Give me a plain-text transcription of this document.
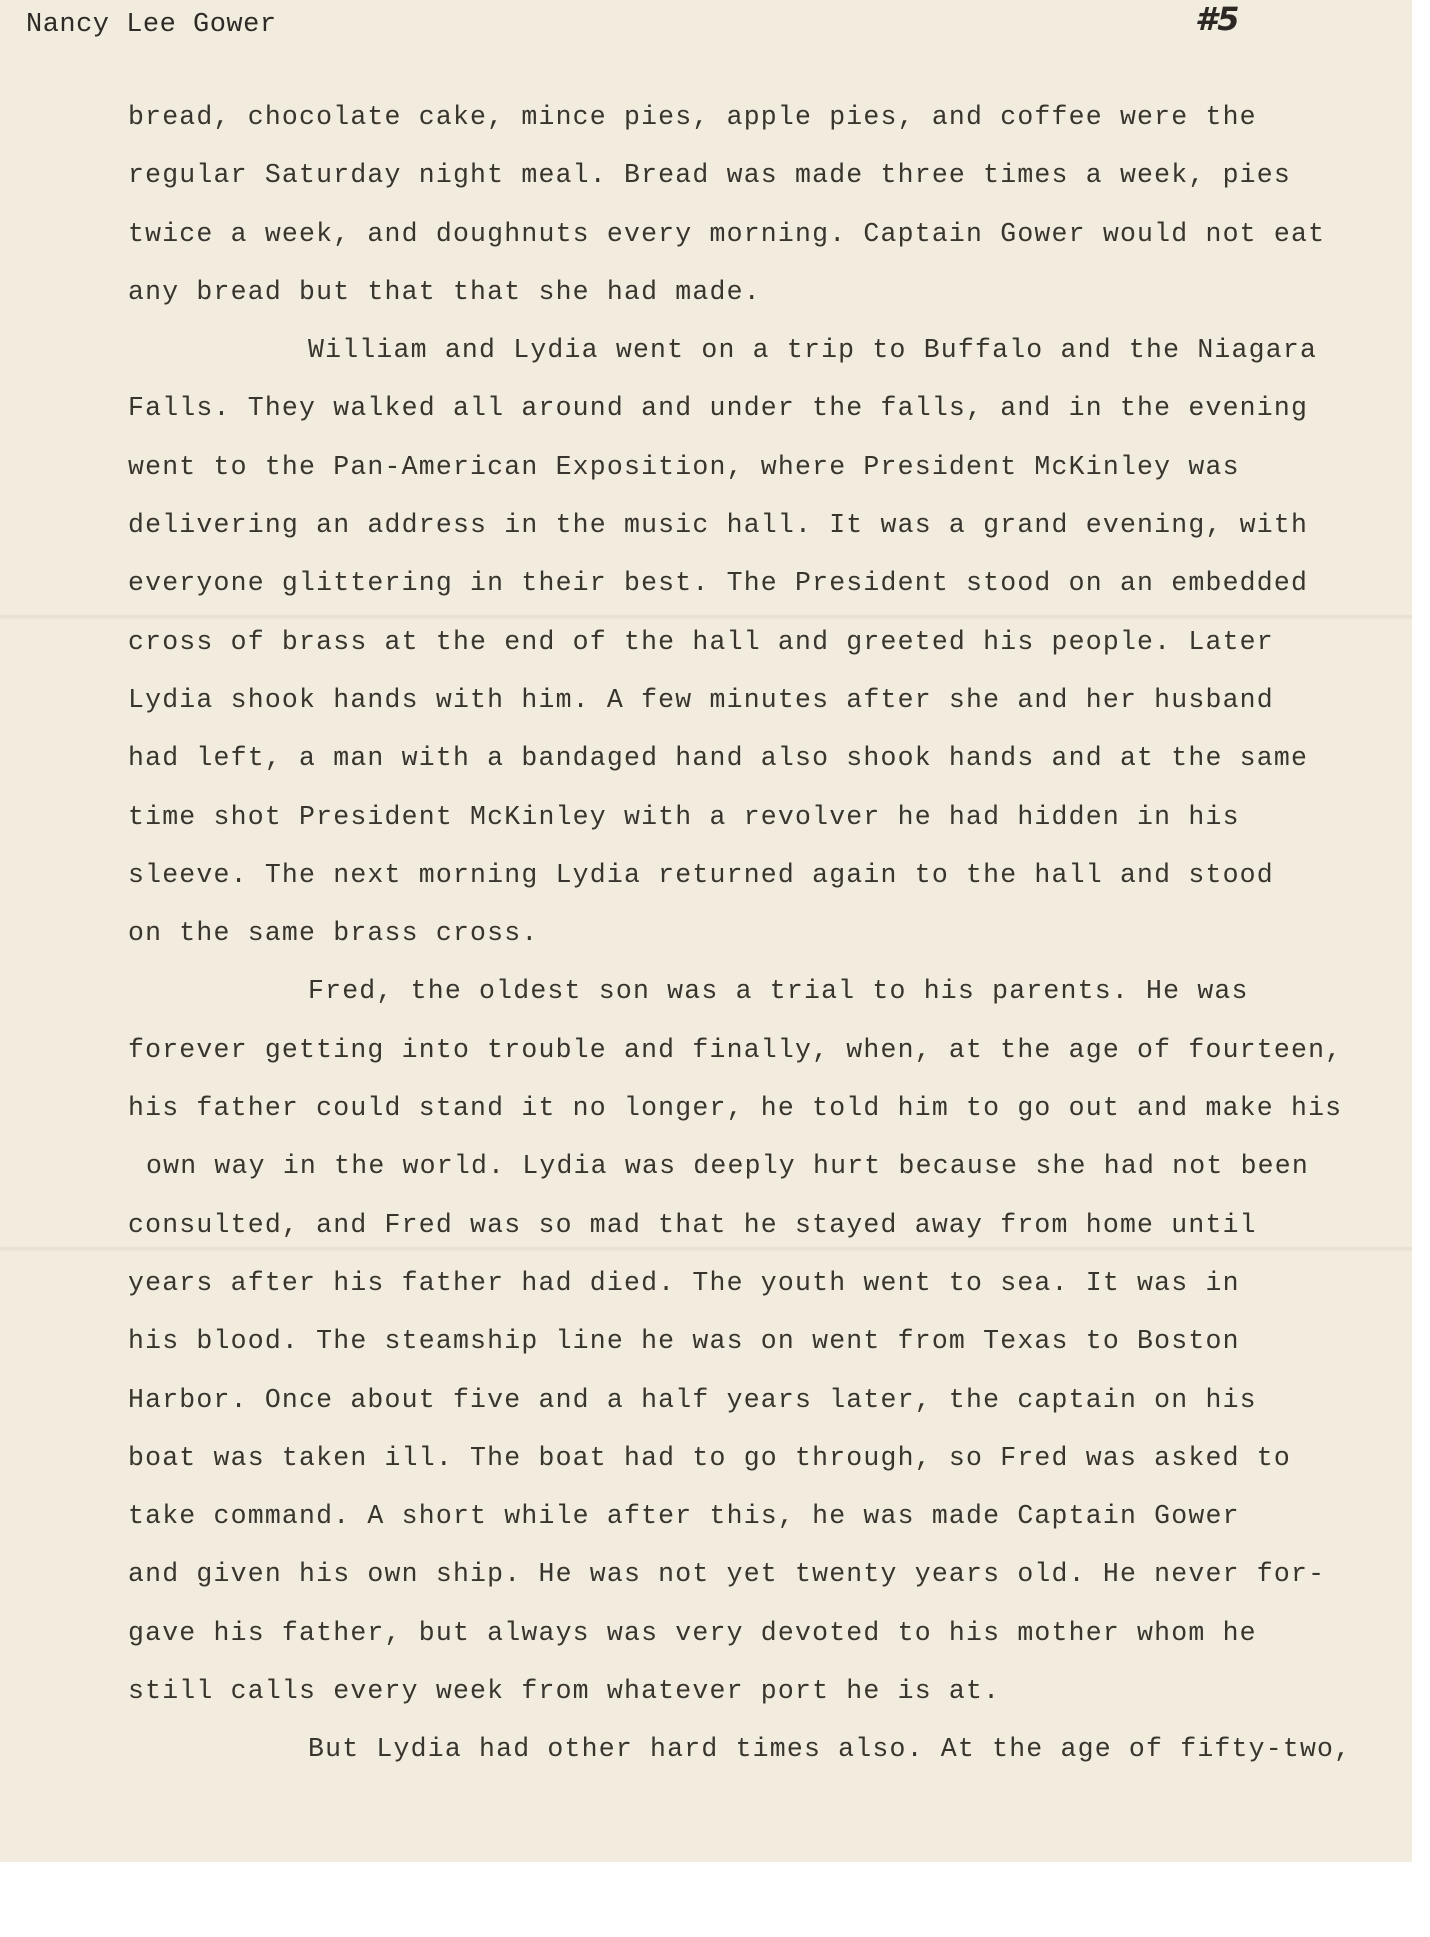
Nancy Lee Gower	#5
bread, chocolate cake, mince pies, apple pies, and coffee were the
regular Saturday night meal. Bread was made three times a week, pies
twice a week, and doughnuts every morning. Captain Gower would not eat
any bread but that that she had made.
William and Lydia went on a trip to Buffalo and the Niagara
Falls. They walked all around and under the falls, and in the evening
went to the Pan-American Exposition, where President McKinley was
delivering an address in the music hall. It was a grand evening, with
everyone glittering in their best. The President stood on an embedded
cross of brass at the end of the hall and greeted his people. Later
Lydia shook hands with him. A few minutes after she and her husband
had left, a man with a bandaged hand also shook hands and at the same
time shot President McKinley with a revolver he had hidden in his
sleeve. The next morning Lydia returned again to the hall and stood
on the same brass cross.
Fred, the oldest son was a trial to his parents. He was
forever getting into trouble and finally, when, at the age of fourteen,
his father could stand it no longer, he told him to go out and make his
own way in the world. Lydia was deeply hurt because she had not been
consulted, and Fred was so mad that he stayed away from home until
years after his father had died. The youth went to sea. It was in
his blood. The steamship line he was on went from Texas to Boston
Harbor. Once about five and a half years later, the captain on his
boat was taken ill. The boat had to go through, so Fred was asked to
take command. A short while after this, he was made Captain Gower
and given his own ship. He was not yet twenty years old. He never for-
gave his father, but always was very devoted to his mother whom he
still calls every week from whatever port he is at.
But Lydia had other hard times also. At the age of fifty-two,
